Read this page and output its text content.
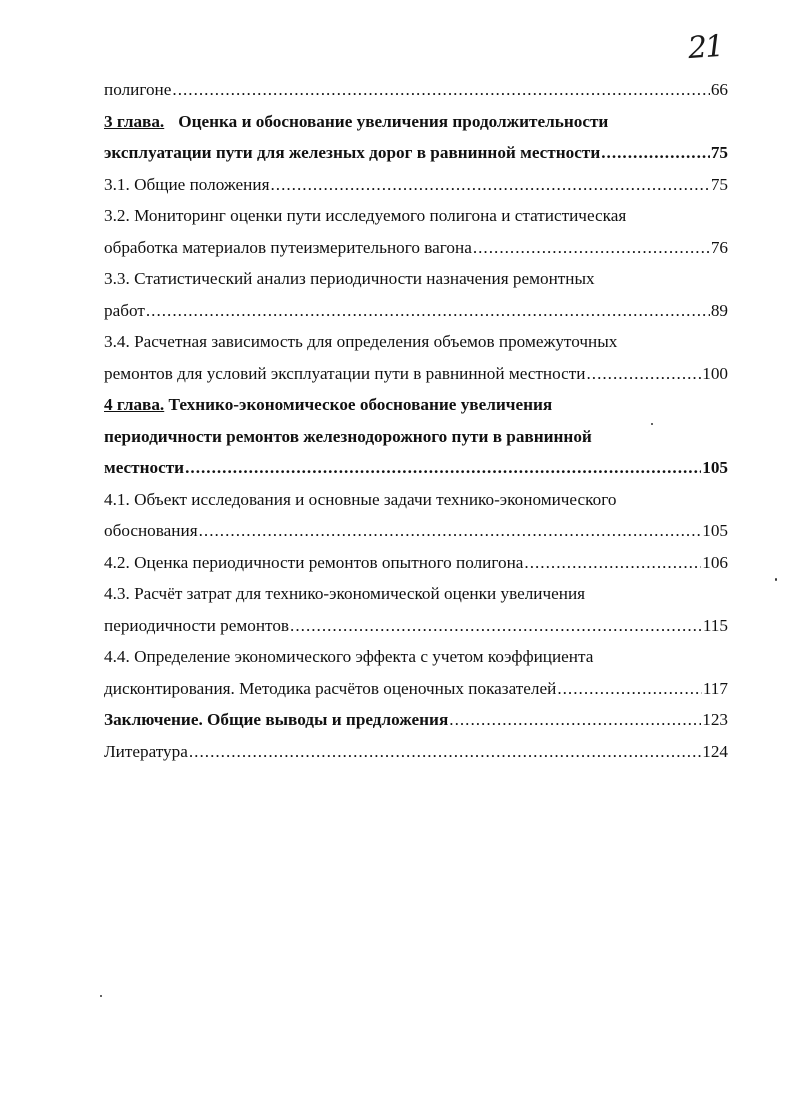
21
полигоне .....	66
3 глава. Оценка и обоснование увеличения продолжительности
эксплуатации пути для железных дорог в равнинной местности .....	75
3.1. Общие положения .....	75
3.2. Мониторинг оценки пути исследуемого полигона и статистическая
обработка материалов путеизмерительного вагона .....	76
3.3. Статистический анализ периодичности назначения ремонтных
работ .....	89
3.4. Расчетная зависимость для определения объемов промежуточных
ремонтов для условий эксплуатации пути в равнинной местности .....	100
4 глава. Технико-экономическое обоснование увеличения
периодичности ремонтов железнодорожного пути в равнинной
местности .....	105
4.1. Объект исследования и основные задачи технико-экономического
обоснования .....	105
4.2. Оценка периодичности ремонтов опытного полигона .....	106
4.3. Расчёт затрат для технико-экономической оценки увеличения
периодичности ремонтов .....	115
4.4. Определение экономического эффекта с учетом коэффициента
дисконтирования. Методика расчётов оценочных показателей .....	117
Заключение. Общие выводы и предложения .....	123
Литература .....	124
